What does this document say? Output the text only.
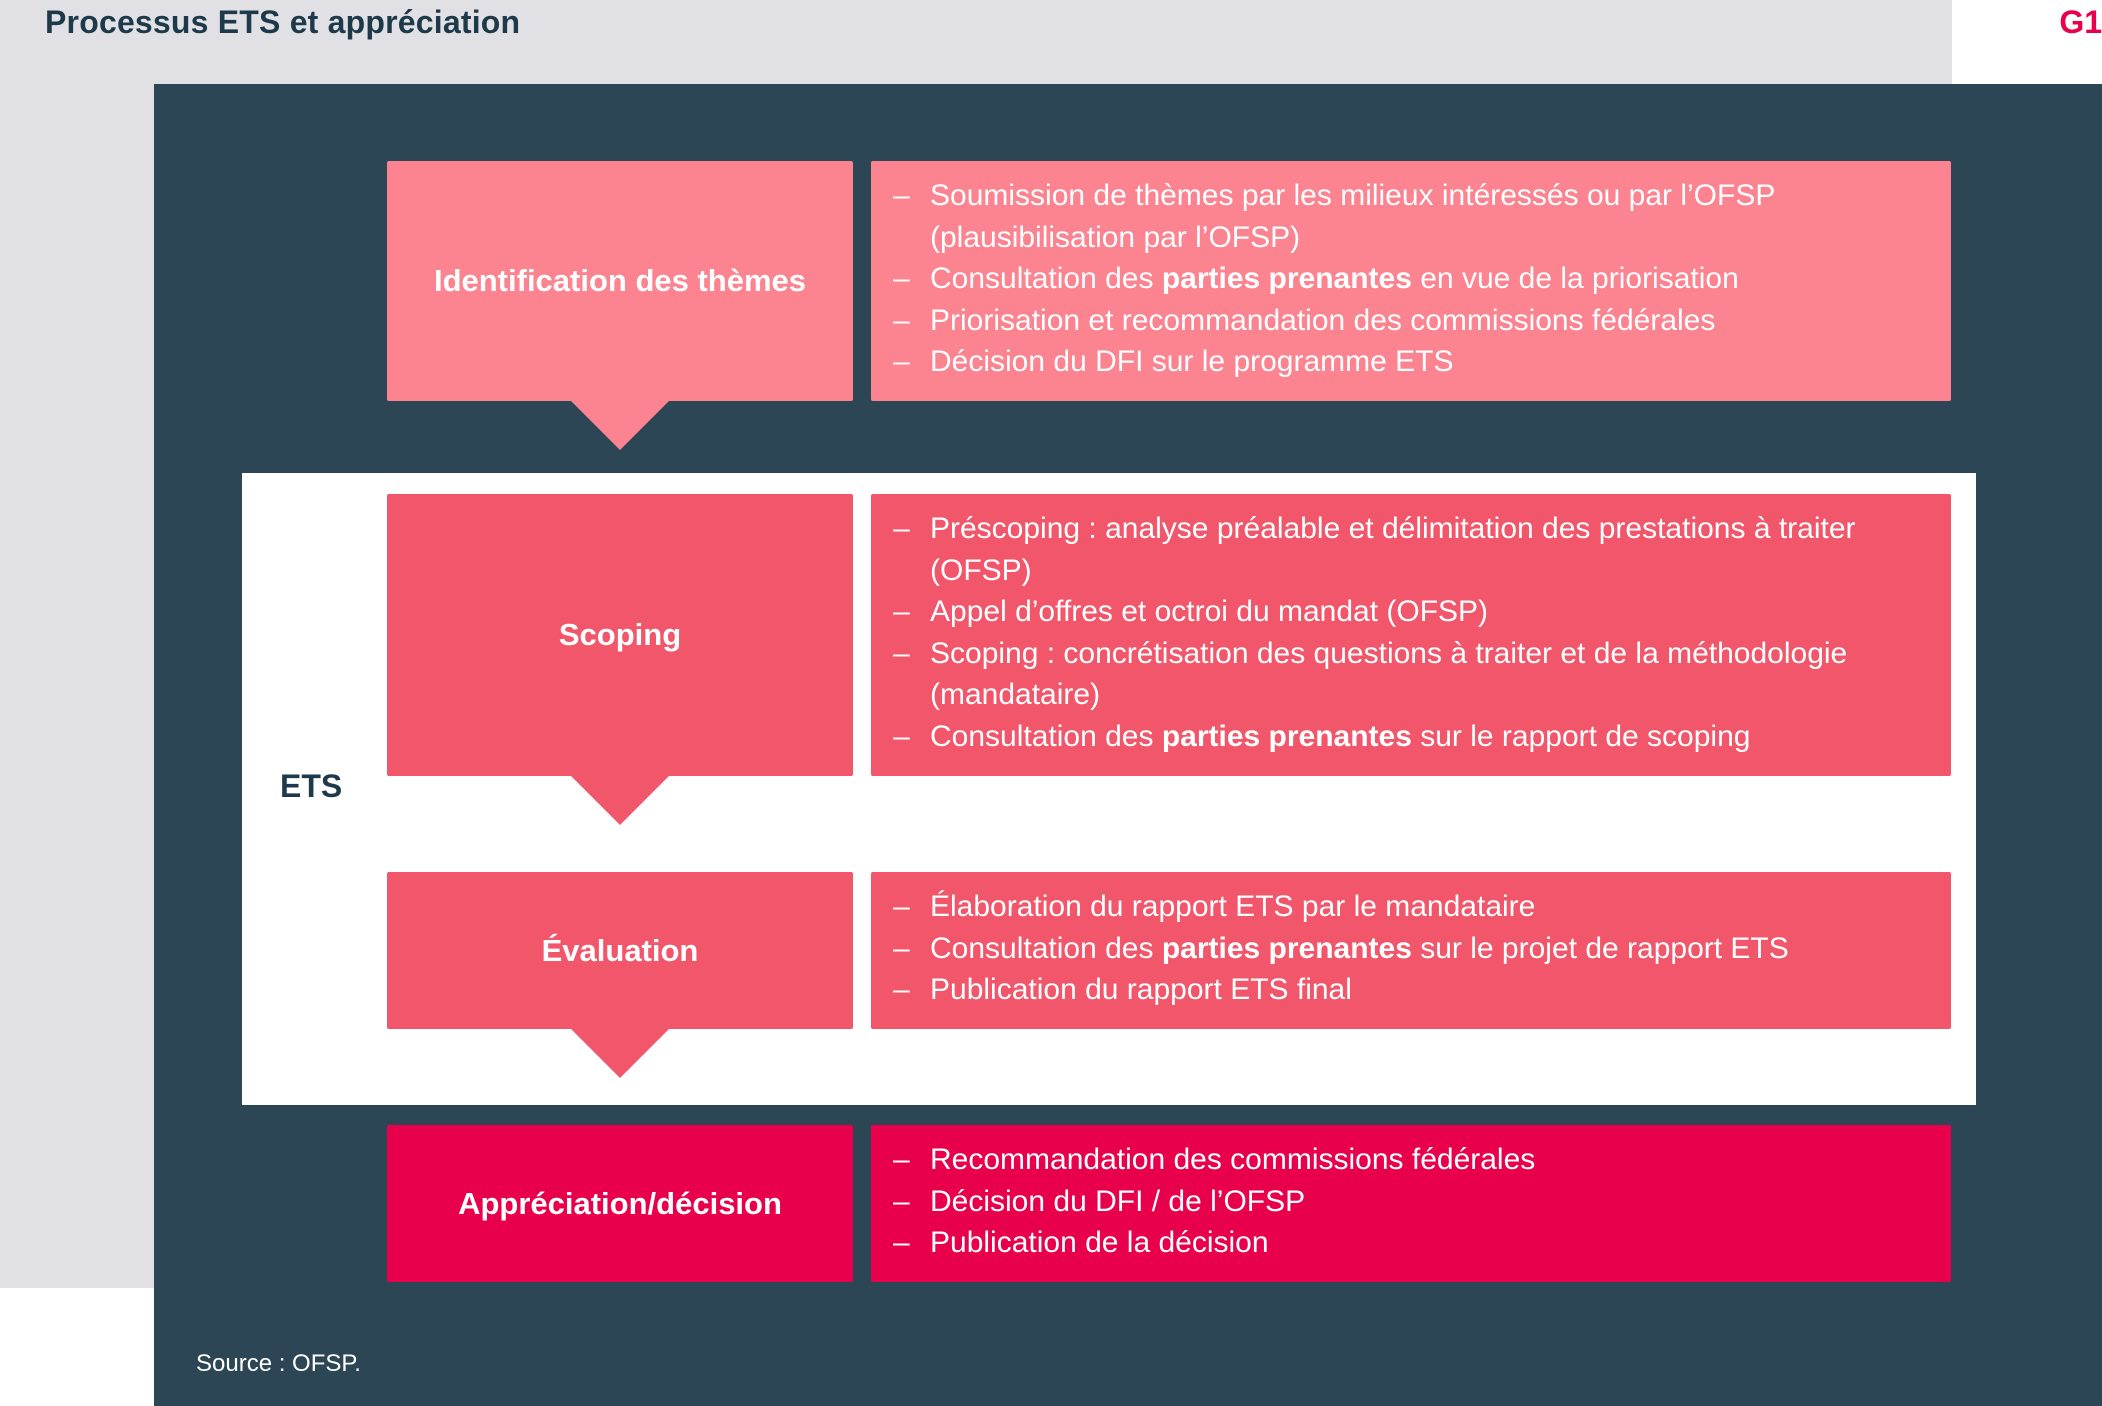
Processus ETS et appréciation	G1
ETS
Identification des thèmes
– Soumission de thèmes par les milieux intéressés ou par l’OFSP (plausibilisation par l’OFSP)
– Consultation des parties prenantes en vue de la priorisation
– Priorisation et recommandation des commissions fédérales
– Décision du DFI sur le programme ETS
Scoping
– Préscoping : analyse préalable et délimitation des prestations à traiter (OFSP)
– Appel d’offres et octroi du mandat (OFSP)
– Scoping : concrétisation des questions à traiter et de la méthodologie (mandataire)
– Consultation des parties prenantes sur le rapport de scoping
Évaluation
– Élaboration du rapport ETS par le mandataire
– Consultation des parties prenantes sur le projet de rapport ETS
– Publication du rapport ETS final
Appréciation/décision
– Recommandation des commissions fédérales
– Décision du DFI / de l’OFSP
– Publication de la décision
Source : OFSP.
